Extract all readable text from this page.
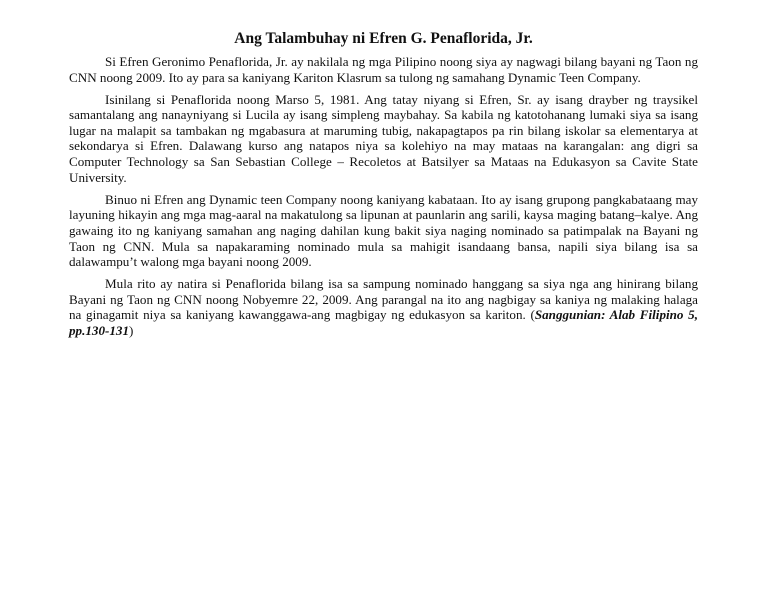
Ang Talambuhay ni Efren G. Penaflorida, Jr.

Si Efren Geronimo Penaflorida, Jr. ay nakilala ng mga Pilipino noong siya ay nagwagi bilang bayani ng Taon ng CNN noong 2009. Ito ay para sa kaniyang Kariton Klasrum sa tulong ng samahang Dynamic Teen Company.

Isinilang si Penaflorida noong Marso 5, 1981. Ang tatay niyang si Efren, Sr. ay isang drayber ng traysikel samantalang ang nanayniyang si Lucila ay isang simpleng maybahay. Sa kabila ng katotohanang lumaki siya sa isang lugar na malapit sa tambakan ng mgabasura at maruming tubig, nakapagtapos pa rin bilang iskolar sa elementarya at sekondarya si Efren. Dalawang kurso ang natapos niya sa kolehiyo na may mataas na karangalan: ang digri sa Computer Technology sa San Sebastian College – Recoletos at Batsilyer sa Mataas na Edukasyon sa Cavite State University.

Binuo ni Efren ang Dynamic teen Company noong kaniyang kabataan. Ito ay isang grupong pangkabataang may layuning hikayin ang mga mag-aaral na makatulong sa lipunan at paunlarin ang sarili, kaysa maging batang–kalye. Ang gawaing ito ng kaniyang samahan ang naging dahilan kung bakit siya naging nominado sa patimpalak na Bayani ng Taon ng CNN. Mula sa napakaraming nominado mula sa mahigit isandaang bansa, napili siya bilang isa sa dalawampu’t walong mga bayani noong 2009.

Mula rito ay natira si Penaflorida bilang isa sa sampung nominado hanggang sa siya nga ang hinirang bilang Bayani ng Taon ng CNN noong Nobyemre 22, 2009. Ang parangal na ito ang nagbigay sa kaniya ng malaking halaga na ginagamit niya sa kaniyang kawanggawa-ang magbigay ng edukasyon sa kariton. (Sanggunian: Alab Filipino 5, pp.130-131)
